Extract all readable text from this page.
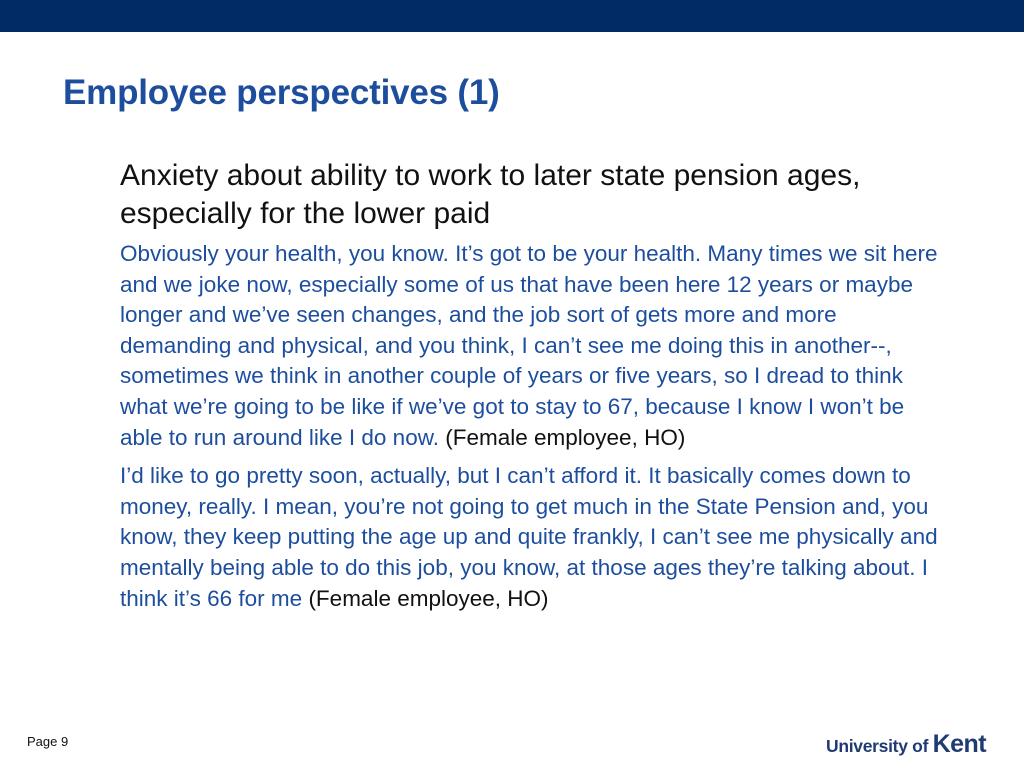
Employee perspectives (1)

Anxiety about ability to work to later state pension ages, especially for the lower paid

Obviously your health, you know. It’s got to be your health. Many times we sit here and we joke now, especially some of us that have been here 12 years or maybe longer and we’ve seen changes, and the job sort of gets more and more demanding and physical, and you think, I can’t see me doing this in another--, sometimes we think in another couple of years or five years, so I dread to think what we’re going to be like if we’ve got to stay to 67, because I know I won’t be able to run around like I do now. (Female employee, HO)

I’d like to go pretty soon, actually, but I can’t afford it. It basically comes down to money, really. I mean, you’re not going to get much in the State Pension and, you know, they keep putting the age up and quite frankly, I can’t see me physically and mentally being able to do this job, you know, at those ages they’re talking about. I think it’s 66 for me (Female employee, HO)

Page 9	University of Kent
